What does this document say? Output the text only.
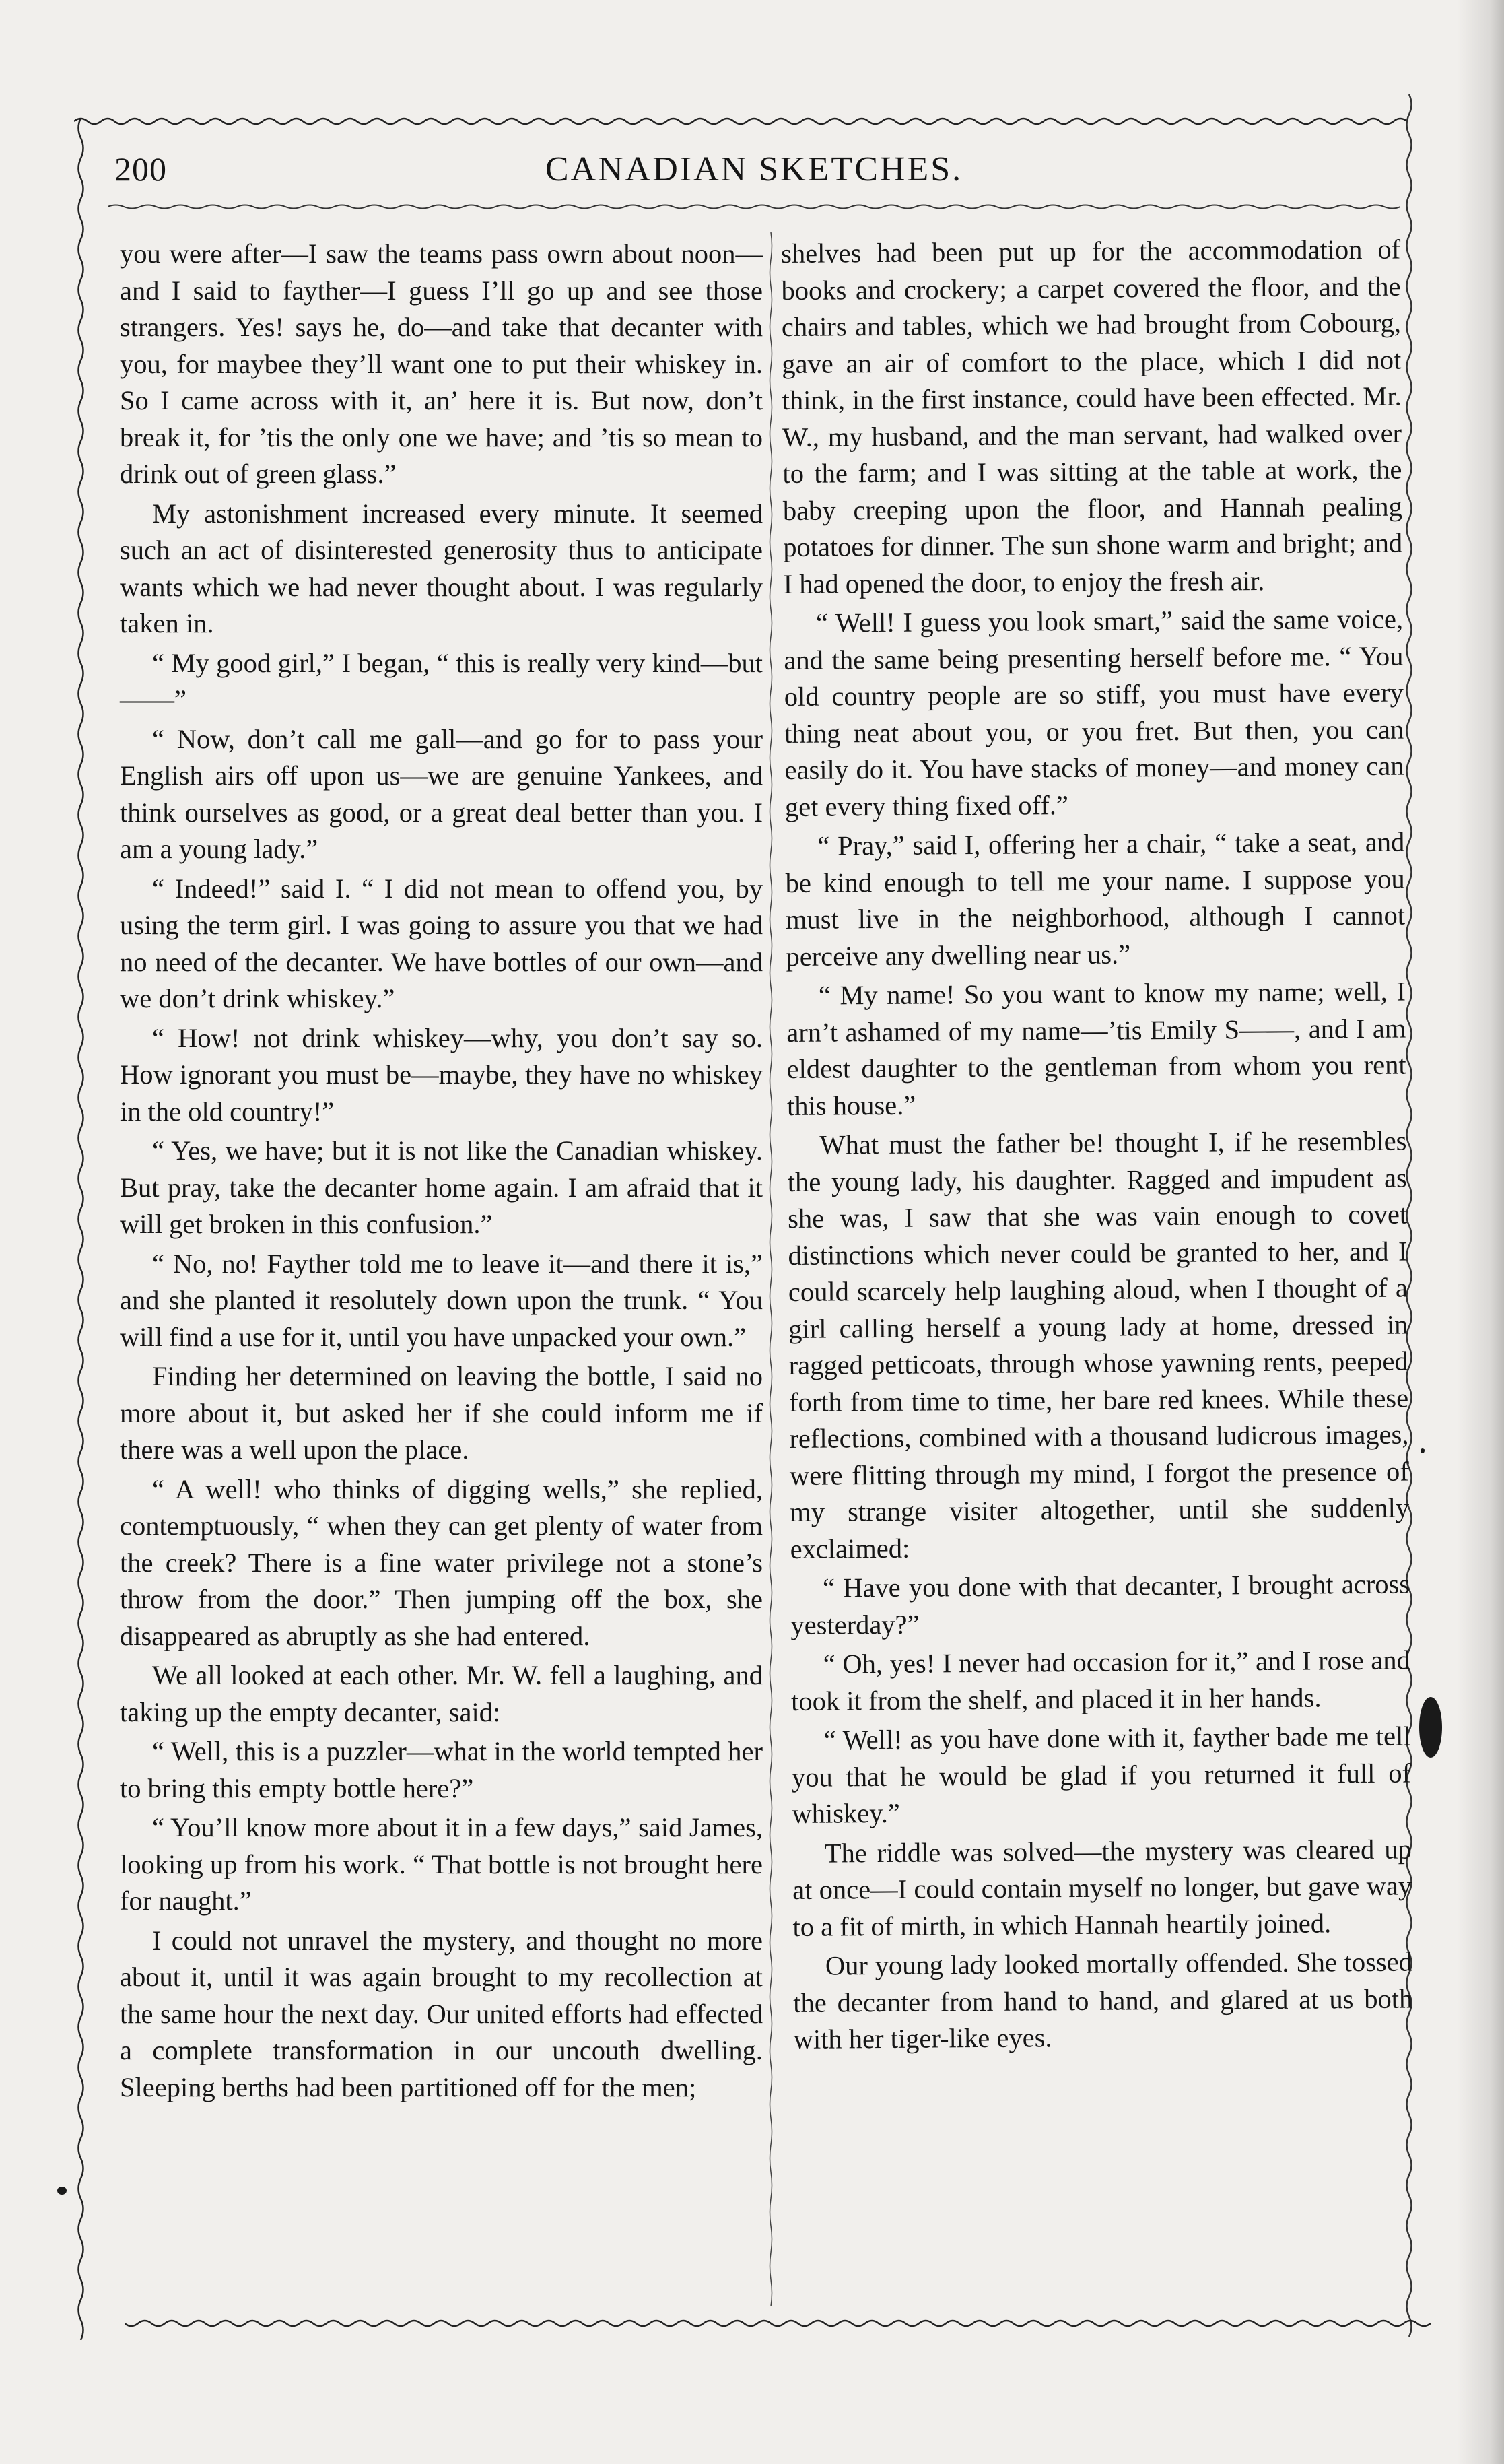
200	CANADIAN SKETCHES.

you were after—I saw the teams pass owrn about noon—and I said to fayther—I guess I’ll go up and see those strangers. Yes! says he, do—and take that decanter with you, for maybee they’ll want one to put their whiskey in. So I came across with it, an’ here it is. But now, don’t break it, for ’tis the only one we have; and ’tis so mean to drink out of green glass.”

My astonishment increased every minute. It seemed such an act of disinterested generosity thus to anticipate wants which we had never thought about. I was regularly taken in.

“ My good girl,” I began, “ this is really very kind—but——”

“ Now, don’t call me gall—and go for to pass your English airs off upon us—we are genuine Yankees, and think ourselves as good, or a great deal better than you. I am a young lady.”

“ Indeed!” said I. “ I did not mean to offend you, by using the term girl. I was going to assure you that we had no need of the decanter. We have bottles of our own—and we don’t drink whiskey.”

“ How! not drink whiskey—why, you don’t say so. How ignorant you must be—maybe, they have no whiskey in the old country!”

“ Yes, we have; but it is not like the Canadian whiskey. But pray, take the decanter home again. I am afraid that it will get broken in this confusion.”

“ No, no! Fayther told me to leave it—and there it is,” and she planted it resolutely down upon the trunk. “ You will find a use for it, until you have unpacked your own.”

Finding her determined on leaving the bottle, I said no more about it, but asked her if she could inform me if there was a well upon the place.

“ A well! who thinks of digging wells,” she replied, contemptuously, “ when they can get plenty of water from the creek? There is a fine water privilege not a stone’s throw from the door.” Then jumping off the box, she disappeared as abruptly as she had entered.

We all looked at each other. Mr. W. fell a laughing, and taking up the empty decanter, said:

“ Well, this is a puzzler—what in the world tempted her to bring this empty bottle here?”

“ You’ll know more about it in a few days,” said James, looking up from his work. “ That bottle is not brought here for naught.”

I could not unravel the mystery, and thought no more about it, until it was again brought to my recollection at the same hour the next day. Our united efforts had effected a complete transformation in our uncouth dwelling. Sleeping berths had been partitioned off for the men;

shelves had been put up for the accommodation of books and crockery; a carpet covered the floor, and the chairs and tables, which we had brought from Cobourg, gave an air of comfort to the place, which I did not think, in the first instance, could have been effected. Mr. W., my husband, and the man servant, had walked over to the farm; and I was sitting at the table at work, the baby creeping upon the floor, and Hannah pealing potatoes for dinner. The sun shone warm and bright; and I had opened the door, to enjoy the fresh air.

“ Well! I guess you look smart,” said the same voice, and the same being presenting herself before me. “ You old country people are so stiff, you must have every thing neat about you, or you fret. But then, you can easily do it. You have stacks of money—and money can get every thing fixed off.”

“ Pray,” said I, offering her a chair, “ take a seat, and be kind enough to tell me your name. I suppose you must live in the neighborhood, although I cannot perceive any dwelling near us.”

“ My name! So you want to know my name; well, I arn’t ashamed of my name—’tis Emily S——, and I am eldest daughter to the gentleman from whom you rent this house.”

What must the father be! thought I, if he resembles the young lady, his daughter. Ragged and impudent as she was, I saw that she was vain enough to covet distinctions which never could be granted to her, and I could scarcely help laughing aloud, when I thought of a girl calling herself a young lady at home, dressed in ragged petticoats, through whose yawning rents, peeped forth from time to time, her bare red knees. While these reflections, combined with a thousand ludicrous images, were flitting through my mind, I forgot the presence of my strange visiter altogether, until she suddenly exclaimed:

“ Have you done with that decanter, I brought across yesterday?”

“ Oh, yes! I never had occasion for it,” and I rose and took it from the shelf, and placed it in her hands.

“ Well! as you have done with it, fayther bade me tell you that he would be glad if you returned it full of whiskey.”

The riddle was solved—the mystery was cleared up at once—I could contain myself no longer, but gave way to a fit of mirth, in which Hannah heartily joined.

Our young lady looked mortally offended. She tossed the decanter from hand to hand, and glared at us both with her tiger-like eyes.
